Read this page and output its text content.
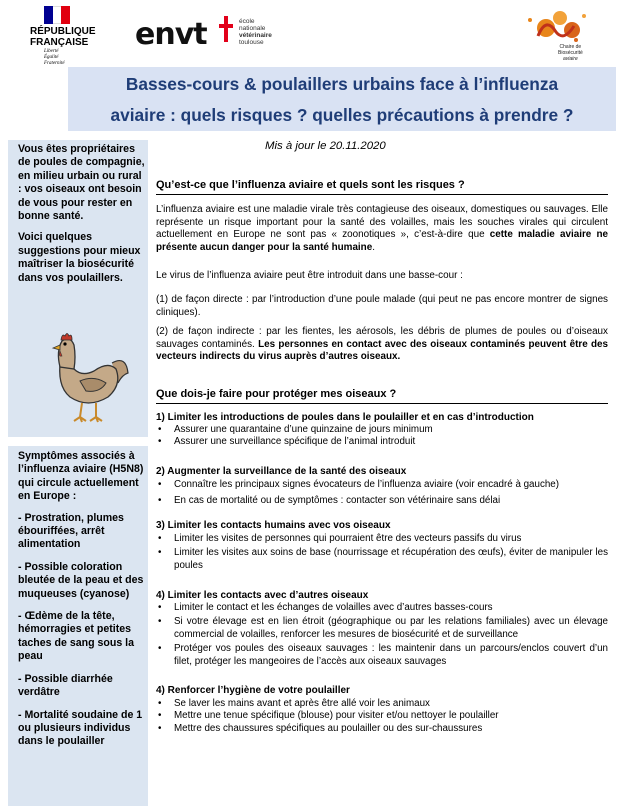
RÉPUBLIQUE
FRANÇAISE
Liberté
Égalité
Fraternité
envt	école
nationale
vétérinaire
toulouse
Chaire de
Biosécurité
aviaire
Basses-cours & poulaillers urbains face à l’influenza
aviaire : quels risques ? quelles précautions à prendre ?

Vous êtes propriétaires de poules de compagnie, en milieu urbain ou rural : vos oiseaux ont besoin de vous pour rester en bonne santé.

Voici quelques suggestions pour mieux maîtriser la biosécurité dans vos poulaillers.

Symptômes associés à l’influenza aviaire (H5N8) qui circule actuellement en Europe :

- Prostration, plumes ébouriffées, arrêt alimentation

- Possible coloration bleutée de la peau et des muqueuses (cyanose)

- Œdème de la tête, hémorragies et petites taches de sang sous la peau

- Possible diarrhée verdâtre

- Mortalité soudaine de 1 ou plusieurs individus dans le poulailler

Mis à jour le 20.11.2020
Qu’est-ce que l’influenza aviaire et quels sont les risques ?

L’influenza aviaire est une maladie virale très contagieuse des oiseaux, domestiques ou sauvages. Elle représente un risque important pour la santé des volailles, mais les souches virales qui circulent actuellement en Europe ne sont pas « zoonotiques », c’est-à-dire que cette maladie aviaire ne présente aucun danger pour la santé humaine.

Le virus de l’influenza aviaire peut être introduit dans une basse-cour :

(1) de façon directe : par l’introduction d’une poule malade (qui peut ne pas encore montrer de signes cliniques).

(2) de façon indirecte : par les fientes, les aérosols, les débris de plumes de poules ou d’oiseaux sauvages contaminés. Les personnes en contact avec des oiseaux contaminés peuvent être des vecteurs indirects du virus auprès d’autres oiseaux.

Que dois-je faire pour protéger mes oiseaux ?
1) Limiter les introductions de poules dans le poulailler et en cas d’introduction
• Assurer une quarantaine d’une quinzaine de jours minimum
• Assurer une surveillance spécifique de l’animal introduit
2) Augmenter la surveillance de la santé des oiseaux
• Connaître les principaux signes évocateurs de l’influenza aviaire (voir encadré à gauche)
• En cas de mortalité ou de symptômes : contacter son vétérinaire sans délai
3) Limiter les contacts humains avec vos oiseaux
• Limiter les visites de personnes qui pourraient être des vecteurs passifs du virus
• Limiter les visites aux soins de base (nourrissage et récupération des œufs), éviter de manipuler les poules
4) Limiter les contacts avec d’autres oiseaux
• Limiter le contact et les échanges de volailles avec d’autres basses-cours
• Si votre élevage est en lien étroit (géographique ou par les relations familiales) avec un élevage commercial de volailles, renforcer les mesures de biosécurité et de surveillance
• Protéger vos poules des oiseaux sauvages : les maintenir dans un parcours/enclos couvert d’un filet, protéger les mangeoires de l’accès aux oiseaux sauvages
4) Renforcer l’hygiène de votre poulailler
• Se laver les mains avant et après être allé voir les animaux
• Mettre une tenue spécifique (blouse) pour visiter et/ou nettoyer le poulailler
• Mettre des chaussures spécifiques au poulailler ou des sur-chaussures
